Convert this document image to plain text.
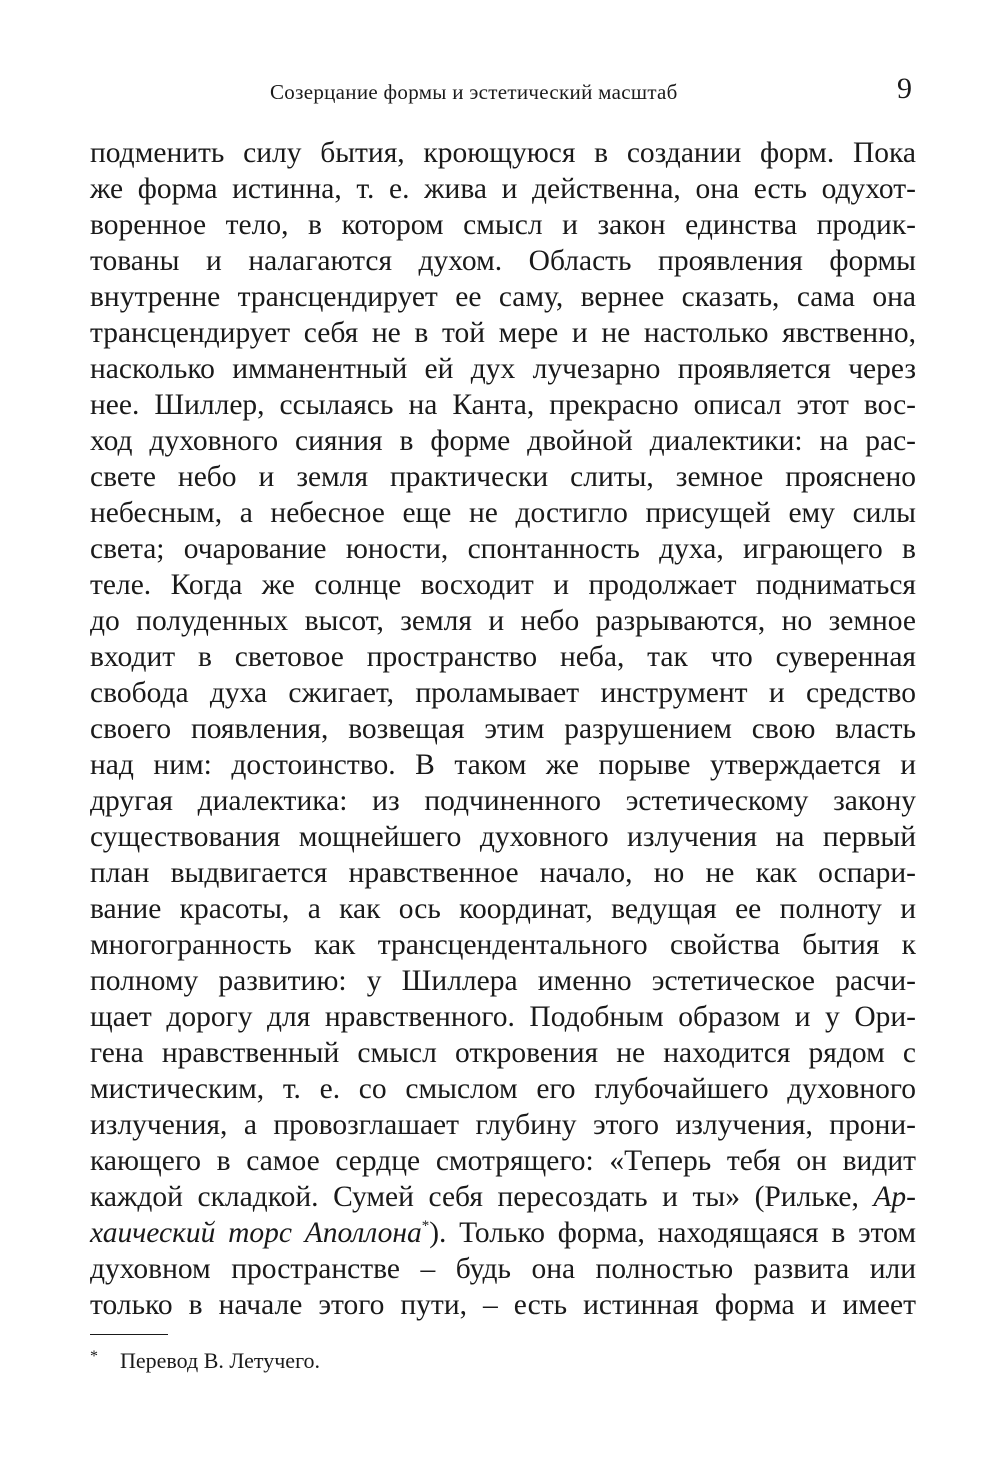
Созерцание формы и эстетический масштаб	9
подменить силу бытия, кроющуюся в создании форм. Пока
же форма истинна, т. е. жива и действенна, она есть одухот-
воренное тело, в котором смысл и закон единства продик-
тованы и налагаются духом. Область проявления формы
внутренне трансцендирует ее саму, вернее сказать, сама она
трансцендирует себя не в той мере и не настолько явственно,
насколько имманентный ей дух лучезарно проявляется через
нее. Шиллер, ссылаясь на Канта, прекрасно описал этот вос-
ход духовного сияния в форме двойной диалектики: на рас-
свете небо и земля практически слиты, земное прояснено
небесным, а небесное еще не достигло присущей ему силы
света; очарование юности, спонтанность духа, играющего в
теле. Когда же солнце восходит и продолжает подниматься
до полуденных высот, земля и небо разрываются, но земное
входит в световое пространство неба, так что суверенная
свобода духа сжигает, проламывает инструмент и средство
своего появления, возвещая этим разрушением свою власть
над ним: достоинство. В таком же порыве утверждается и
другая диалектика: из подчиненного эстетическому закону
существования мощнейшего духовного излучения на первый
план выдвигается нравственное начало, но не как оспари-
вание красоты, а как ось координат, ведущая ее полноту и
многогранность как трансцендентального свойства бытия к
полному развитию: у Шиллера именно эстетическое расчи-
щает дорогу для нравственного. Подобным образом и у Ори-
гена нравственный смысл откровения не находится рядом с
мистическим, т. е. со смыслом его глубочайшего духовного
излучения, а провозглашает глубину этого излучения, прони-
кающего в самое сердце смотрящего: «Теперь тебя он видит
каждой складкой. Сумей себя пересоздать и ты» (Рильке, Ар-
хаический торс Аполлона*). Только форма, находящаяся в этом
духовном пространстве – будь она полностью развита или
только в начале этого пути, – есть истинная форма и имеет
* Перевод В. Летучего.
